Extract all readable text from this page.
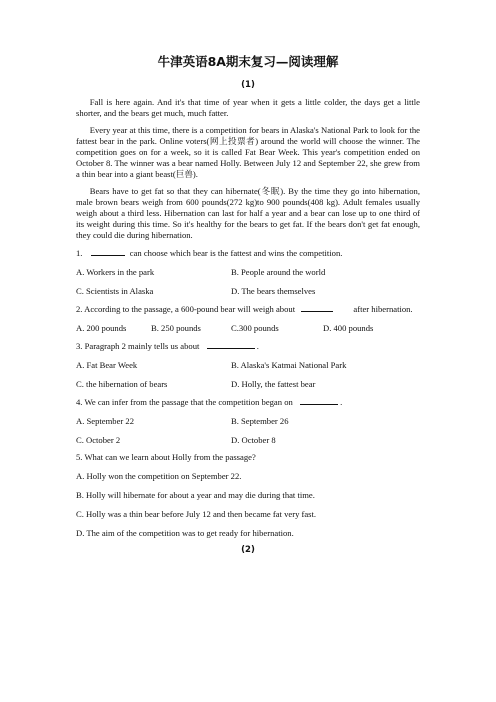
牛津英语8A期末复习—阅读理解
(1)

Fall is here again. And it's that time of year when it gets a little colder, the days get a little shorter, and the bears get much, much fatter.

Every year at this time, there is a competition for bears in Alaska's National Park to look for the fattest bear in the park. Online voters(网上投票者) around the world will choose the winner. The competition goes on for a week, so it is called Fat Bear Week. This year's competition ended on October 8. The winner was a bear named Holly. Between July 12 and September 22, she grew from a thin bear into a giant beast(巨兽).

Bears have to get fat so that they can hibernate(冬眠). By the time they go into hibernation, male brown bears weigh from 600 pounds(272 kg)to 900 pounds(408 kg). Adult females usually weigh about a third less. Hibernation can last for half a year and a bear can lose up to one third of its weight during this time. So it's healthy for the bears to get fat. If the bears don't get fat enough, they could die during hibernation.

1.	can choose which bear is the fattest and wins the competition.
A. Workers in the park	B. People around the world
C. Scientists in Alaska	D. The bears themselves
2. According to the passage, a 600-pound bear will weigh about	after hibernation.
A. 200 pounds	B. 250 pounds	C.300 pounds	D. 400 pounds
3. Paragraph 2 mainly tells us about	.
A. Fat Bear Week	B. Alaska's Katmai National Park
C. the hibernation of bears	D. Holly, the fattest bear
4. We can infer from the passage that the competition began on	.
A. September 22	B. September 26
C. October 2	D. October 8
5. What can we learn about Holly from the passage?
A. Holly won the competition on September 22.
B. Holly will hibernate for about a year and may die during that time.
C. Holly was a thin bear before July 12 and then became fat very fast.
D. The aim of the competition was to get ready for hibernation.
(2)
